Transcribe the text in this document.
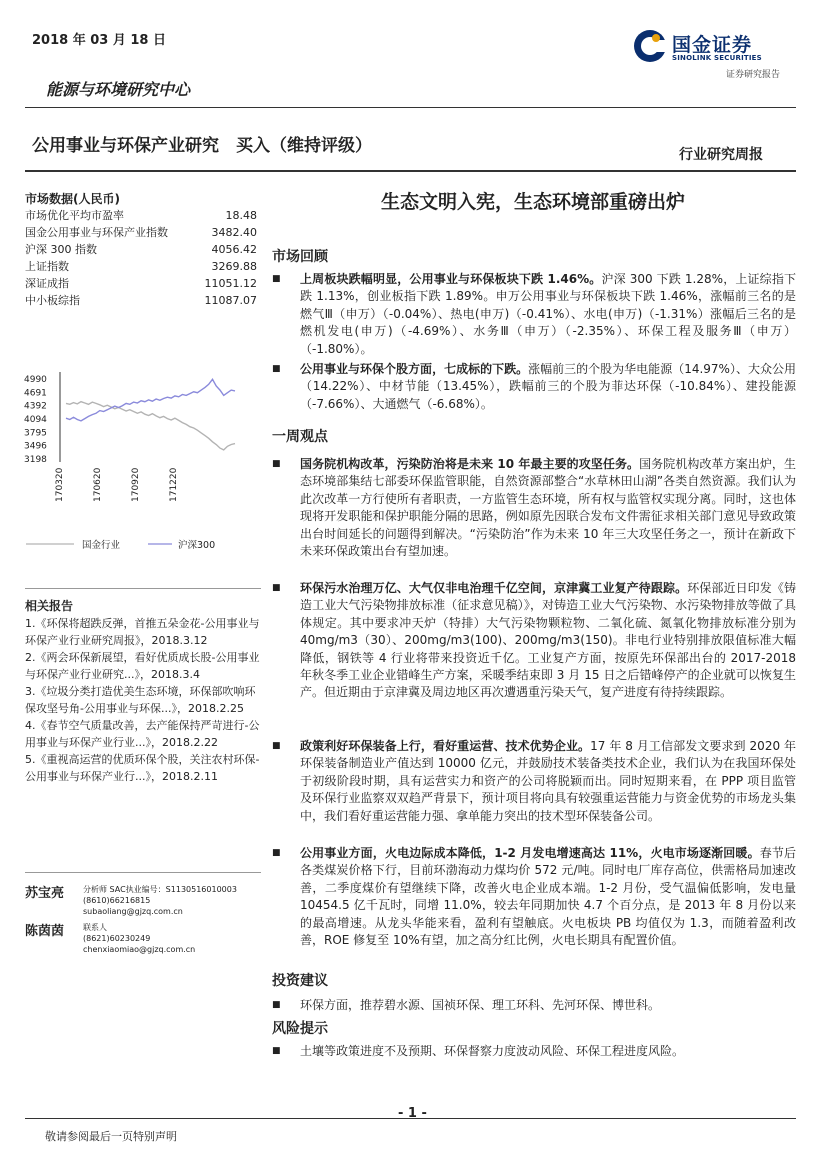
2018 年 03 月 18 日	国金证券
SINOLINK SECURITIES
证券研究报告
能源与环境研究中心
公用事业与环保产业研究　买入（维持评级）	行业研究周报
市场数据(人民币)
市场优化平均市盈率	18.48
国金公用事业与环保产业指数	3482.40
沪深 300 指数	4056.42
上证指数	3269.88
深证成指	11051.12
中小板综指	11087.07
4990
4691
4392
4094
3795
3496
3198
170320	170620	170920	171220
国金行业	沪深300
相关报告
1.《环保将超跌反弹，首推五朵金花-公用事业与环保产业行业研究周报》，2018.3.12
2.《两会环保新展望，看好优质成长股-公用事业与环保产业行业研究...》，2018.3.4
3.《垃圾分类打造优美生态环境，环保部吹响环保攻坚号角-公用事业与环保...》，2018.2.25
4.《春节空气质量改善，去产能保持严苛进行-公用事业与环保产业行业...》，2018.2.22
5.《重视高运营的优质环保个股，关注农村环保-公用事业与环保产业行...》，2018.2.11
苏宝亮 分析师 SAC执业编号：S1130516010003
(8610)66216815
subaoliang@gjzq.com.cn
陈茵茵 联系人
(8621)60230249
chenxiaomiao@gjzq.com.cn
生态文明入宪，生态环境部重磅出炉
市场回顾
■ 上周板块跌幅明显，公用事业与环保板块下跌 1.46%。沪深 300 下跌 1.28%，上证综指下跌 1.13%，创业板指下跌 1.89%。申万公用事业与环保板块下跌 1.46%，涨幅前三名的是燃气Ⅲ（申万）（-0.04%）、热电(申万)（-0.41%）、水电(申万)（-1.31%）涨幅后三名的是燃机发电(申万)（-4.69%）、水务Ⅲ（申万）（-2.35%）、环保工程及服务Ⅲ（申万）（-1.80%）。
■ 公用事业与环保个股方面，七成标的下跌。涨幅前三的个股为华电能源（14.97%）、大众公用（14.22%）、中材节能（13.45%），跌幅前三的个股为菲达环保（-10.84%）、建投能源（-7.66%）、大通燃气（-6.68%）。
一周观点
■ 国务院机构改革，污染防治将是未来 10 年最主要的攻坚任务。国务院机构改革方案出炉，生态环境部集结七部委环保监管职能，自然资源部整合“水草林田山湖”各类自然资源。我们认为此次改革一方行使所有者职责，一方监管生态环境，所有权与监管权实现分离。同时，这也体现将开发职能和保护职能分隔的思路，例如原先因联合发布文件需征求相关部门意见导致政策出台时间延长的问题得到解决。“污染防治”作为未来 10 年三大攻坚任务之一，预计在新政下未来环保政策出台有望加速。
■ 环保污水治理万亿、大气仅非电治理千亿空间，京津冀工业复产待跟踪。环保部近日印发《铸造工业大气污染物排放标准（征求意见稿）》，对铸造工业大气污染物、水污染物排放等做了具体规定。其中要求冲天炉（特排）大气污染物颗粒物、二氧化硫、氮氧化物排放标准分别为 40mg/m3（30）、200mg/m3(100)、200mg/m3(150)。非电行业特别排放限值标准大幅降低，钢铁等 4 行业将带来投资近千亿。工业复产方面，按原先环保部出台的 2017-2018 年秋冬季工业企业错峰生产方案，采暖季结束即 3 月 15 日之后错峰停产的企业就可以恢复生产。但近期由于京津冀及周边地区再次遭遇重污染天气，复产进度有待持续跟踪。
■ 政策利好环保装备上行，看好重运营、技术优势企业。17 年 8 月工信部发文要求到 2020 年环保装备制造业产值达到 10000 亿元，并鼓励技术装备类技术企业，我们认为在我国环保处于初级阶段时期，具有运营实力和资产的公司将脱颖而出。同时短期来看，在 PPP 项目监管及环保行业监察双双趋严背景下，预计项目将向具有较强重运营能力与资金优势的市场龙头集中，我们看好重运营能力强、拿单能力突出的技术型环保装备公司。
■ 公用事业方面，火电边际成本降低，1-2 月发电增速高达 11%，火电市场逐渐回暖。春节后各类煤炭价格下行，目前环渤海动力煤均价 572 元/吨。同时电厂库存高位，供需格局加速改善，二季度煤价有望继续下降，改善火电企业成本端。1-2 月份，受气温偏低影响，发电量 10454.5 亿千瓦时，同增 11.0%，较去年同期加快 4.7 个百分点，是 2013 年 8 月份以来的最高增速。从龙头华能来看，盈利有望触底。火电板块 PB 均值仅为 1.3，而随着盈利改善，ROE 修复至 10%有望，加之高分红比例，火电长期具有配置价值。
投资建议
■ 环保方面，推荐碧水源、国祯环保、理工环科、先河环保、博世科。
风险提示
■ 土壤等政策进度不及预期、环保督察力度波动风险、环保工程进度风险。
- 1 -
敬请参阅最后一页特别声明
